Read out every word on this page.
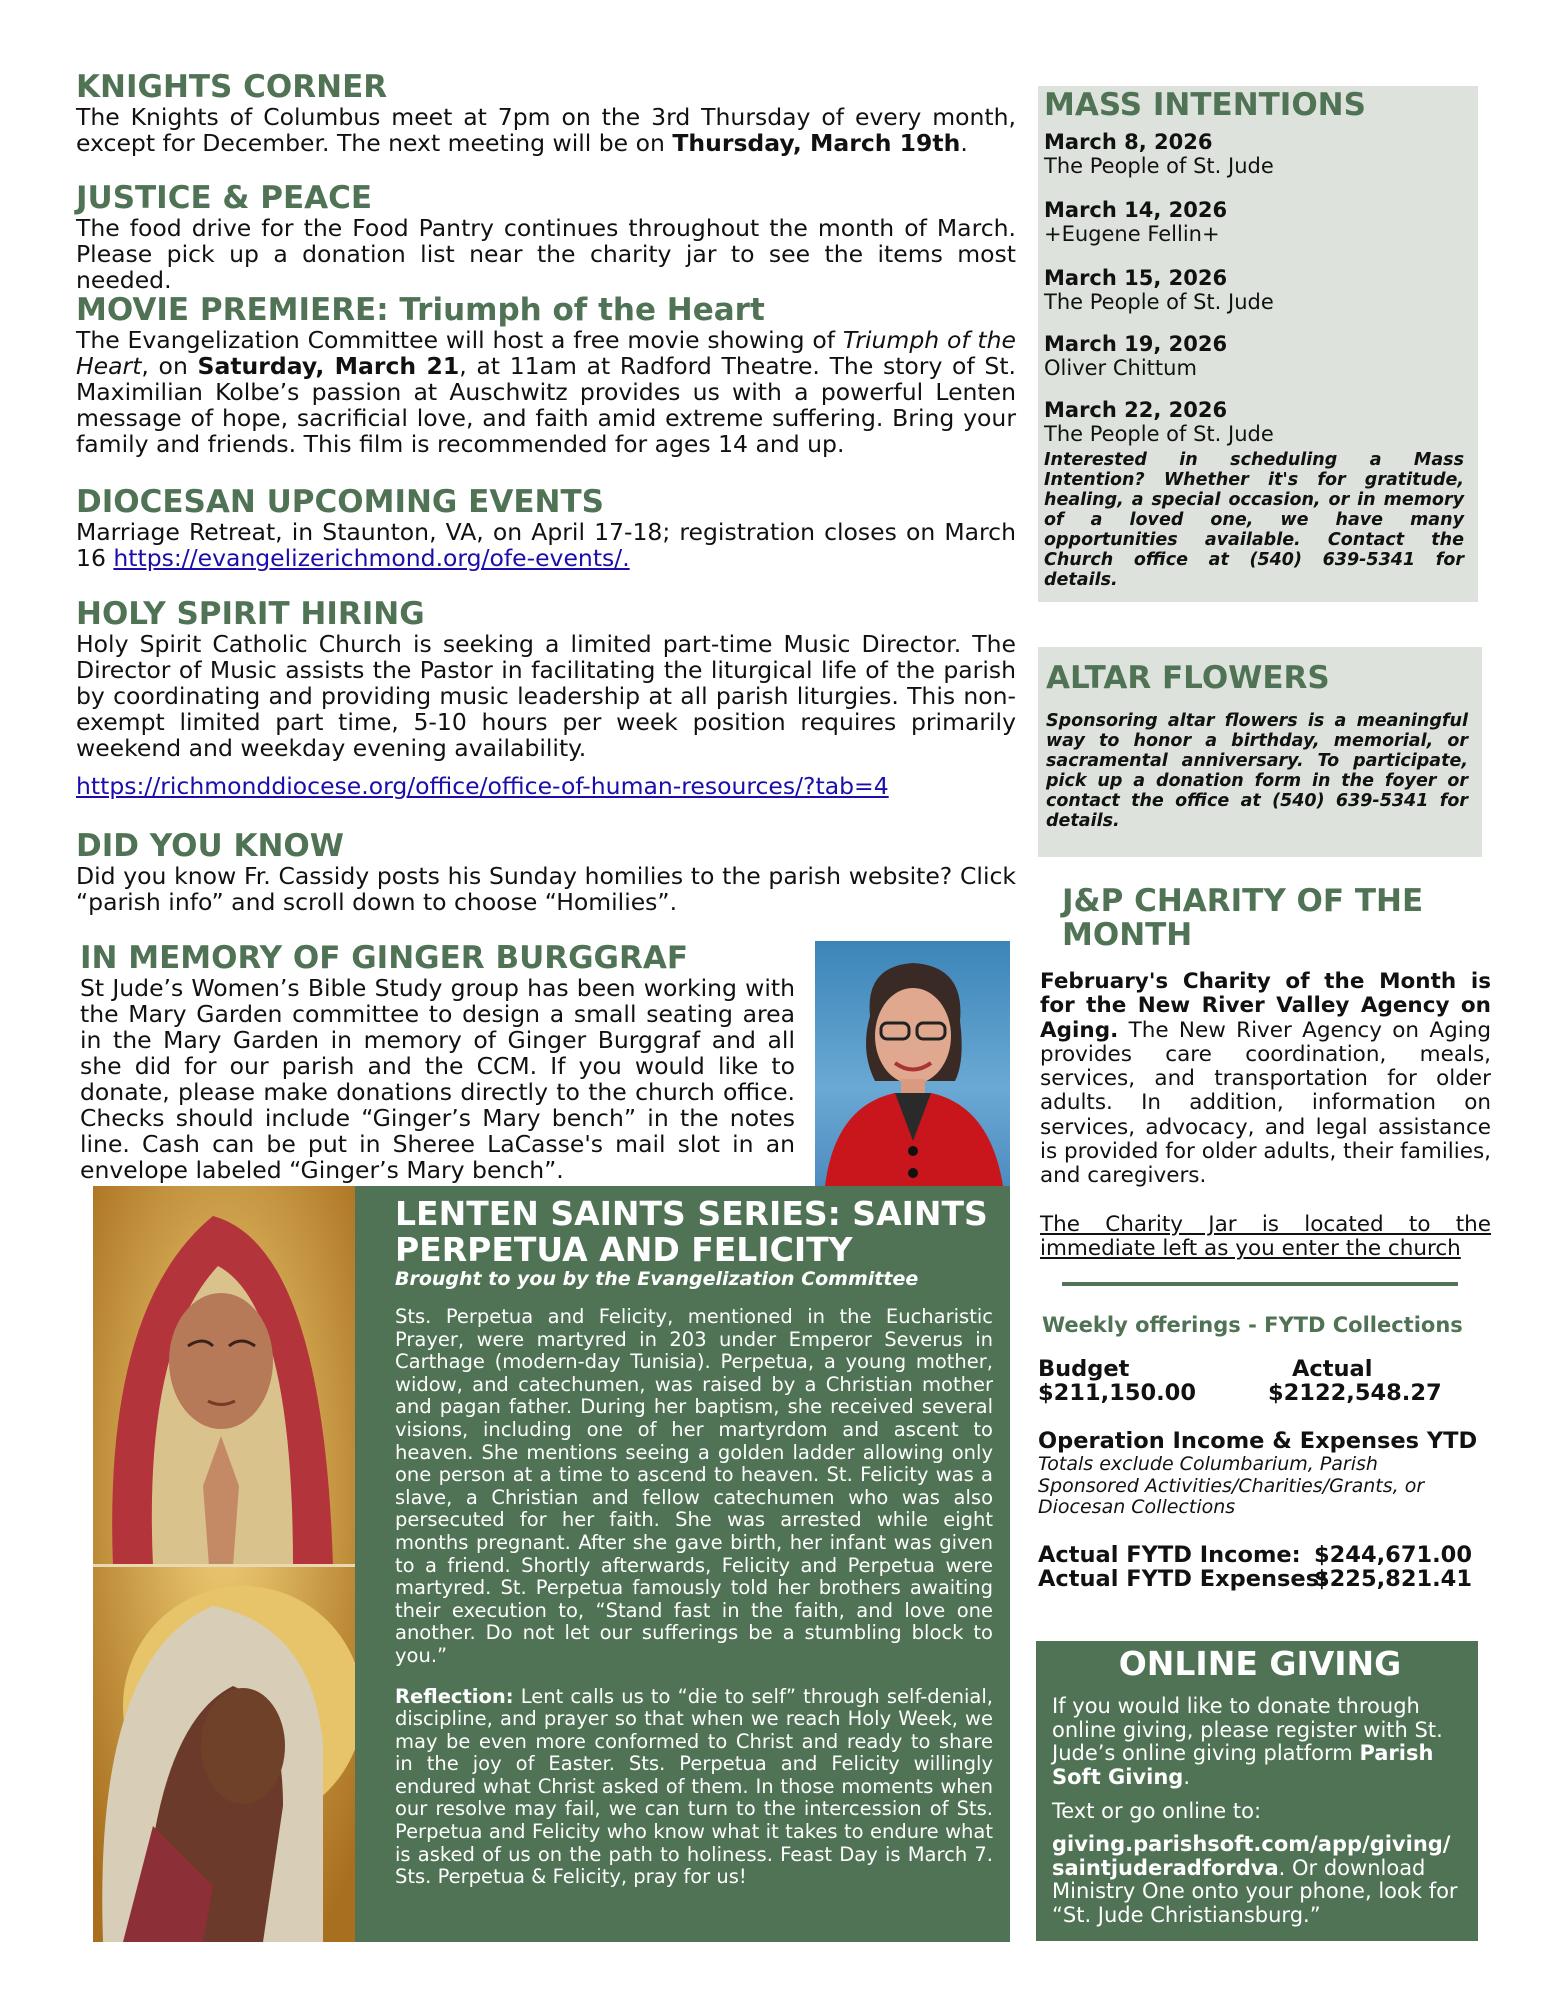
KNIGHTS CORNER

The Knights of Columbus meet at 7pm on the 3rd Thursday of every month, except for December. The next meeting will be on Thursday, March 19th.

JUSTICE & PEACE

The food drive for the Food Pantry continues throughout the month of March. Please pick up a donation list near the charity jar to see the items most needed.

MOVIE PREMIERE: Triumph of the Heart

The Evangelization Committee will host a free movie showing of Triumph of the Heart, on Saturday, March 21, at 11am at Radford Theatre. The story of St. Maximilian Kolbe’s passion at Auschwitz provides us with a powerful Lenten message of hope, sacrificial love, and faith amid extreme suffering. Bring your family and friends. This film is recommended for ages 14 and up.

DIOCESAN UPCOMING EVENTS

Marriage Retreat, in Staunton, VA, on April 17-18; registration closes on March 16 https://evangelizerichmond.org/ofe-events/.

HOLY SPIRIT HIRING

Holy Spirit Catholic Church is seeking a limited part-time Music Director. The Director of Music assists the Pastor in facilitating the liturgical life of the parish by coordinating and providing music leadership at all parish liturgies. This non-exempt limited part time, 5-10 hours per week position requires primarily weekend and weekday evening availability.

https://richmonddiocese.org/office/office-of-human-resources/?tab=4

DID YOU KNOW

Did you know Fr. Cassidy posts his Sunday homilies to the parish website? Click “parish info” and scroll down to choose “Homilies”.

IN MEMORY OF GINGER BURGGRAF

St Jude’s Women’s Bible Study group has been working with the Mary Garden committee to design a small seating area in the Mary Garden in memory of Ginger Burggraf and all she did for our parish and the CCM. If you would like to donate, please make donations directly to the church office. Checks should include “Ginger’s Mary bench” in the notes line. Cash can be put in Sheree LaCasse's mail slot in an envelope labeled “Ginger’s Mary bench”.

LENTEN SAINTS SERIES: SAINTS PERPETUA AND FELICITY
Brought to you by the Evangelization Committee

Sts. Perpetua and Felicity, mentioned in the Eucharistic Prayer, were martyred in 203 under Emperor Severus in Carthage (modern-day Tunisia). Perpetua, a young mother, widow, and catechumen, was raised by a Christian mother and pagan father. During her baptism, she received several visions, including one of her martyrdom and ascent to heaven. She mentions seeing a golden ladder allowing only one person at a time to ascend to heaven. St. Felicity was a slave, a Christian and fellow catechumen who was also persecuted for her faith. She was arrested while eight months pregnant. After she gave birth, her infant was given to a friend. Shortly afterwards, Felicity and Perpetua were martyred. St. Perpetua famously told her brothers awaiting their execution to, “Stand fast in the faith, and love one another. Do not let our sufferings be a stumbling block to you.”

Reflection: Lent calls us to “die to self” through self-denial, discipline, and prayer so that when we reach Holy Week, we may be even more conformed to Christ and ready to share in the joy of Easter. Sts. Perpetua and Felicity willingly endured what Christ asked of them. In those moments when our resolve may fail, we can turn to the intercession of Sts. Perpetua and Felicity who know what it takes to endure what is asked of us on the path to holiness. Feast Day is March 7. Sts. Perpetua & Felicity, pray for us!

MASS INTENTIONS
March 8, 2026
The People of St. Jude
March 14, 2026
+Eugene Fellin+
March 15, 2026
The People of St. Jude
March 19, 2026
Oliver Chittum
March 22, 2026
The People of St. Jude
Interested in scheduling a Mass Intention? Whether it's for gratitude, healing, a special occasion, or in memory of a loved one, we have many opportunities available. Contact the Church office at (540) 639-5341 for details.
ALTAR FLOWERS
Sponsoring altar flowers is a meaningful way to honor a birthday, memorial, or sacramental anniversary. To participate, pick up a donation form in the foyer or contact the office at (540) 639-5341 for details.
J&P CHARITY OF THE MONTH

February's Charity of the Month is for the New River Valley Agency on Aging. The New River Agency on Aging provides care coordination, meals, services, and transportation for older adults. In addition, information on services, advocacy, and legal assistance is provided for older adults, their families, and caregivers.

The Charity Jar is located to the immediate left as you enter the church

Weekly offerings - FYTD Collections
Budget	Actual
$211,150.00	$2122,548.27
Operation Income & Expenses YTD
Totals exclude Columbarium, Parish Sponsored Activities/Charities/Grants, or Diocesan Collections
Actual FYTD Income: $244,671.00
Actual FYTD Expenses:
$225,821.41
ONLINE GIVING

If you would like to donate through online giving, please register with St. Jude’s online giving platform Parish Soft Giving.

Text or go online to:

giving.parishsoft.com/app/giving/ saintjuderadfordva. Or download Ministry One onto your phone, look for “St. Jude Christiansburg.”
